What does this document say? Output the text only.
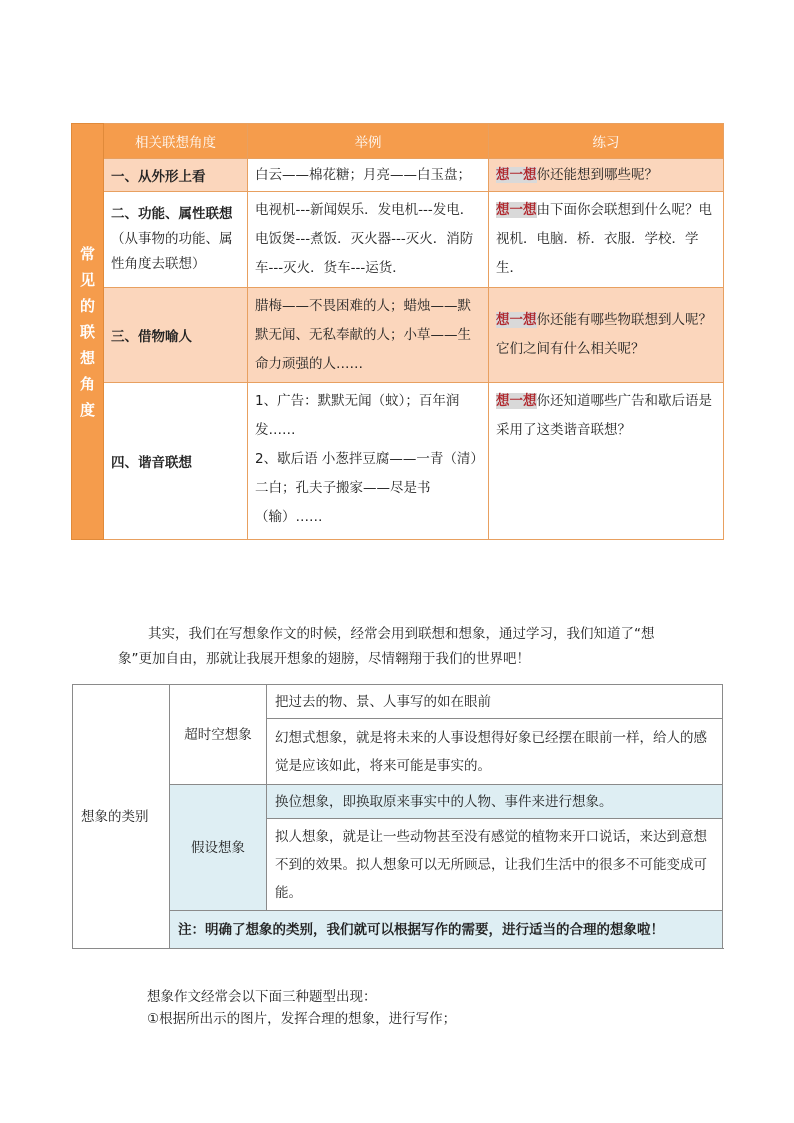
常见的联想角度	相关联想角度	举例	练习
	一、从外形上看	白云——棉花糖；月亮——白玉盘；	想一想你还能想到哪些呢？
	二、功能、属性联想
（从事物的功能、属性角度去联想）	电视机---新闻娱乐．发电机---发电．电饭煲---煮饭．灭火器---灭火．消防车---灭火．货车---运货．	想一想由下面你会联想到什么呢？电视机．电脑．桥．衣服．学校．学生．
	三、借物喻人	腊梅——不畏困难的人；蜡烛——默默无闻、无私奉献的人；小草——生命力顽强的人……	想一想你还能有哪些物联想到人呢？它们之间有什么相关呢？
	四、谐音联想	1、广告：默默无闻（蚊）；百年润发……
2、歇后语 小葱拌豆腐——一青（清）二白；孔夫子搬家——尽是书（输）……	想一想你还知道哪些广告和歇后语是采用了这类谐音联想？

其实，我们在写想象作文的时候，经常会用到联想和想象，通过学习，我们知道了“想
象”更加自由，那就让我展开想象的翅膀，尽情翱翔于我们的世界吧！

想象的类别	超时空想象	把过去的物、景、人事写的如在眼前
		幻想式想象，就是将未来的人事设想得好象已经摆在眼前一样，给人的感觉是应该如此，将来可能是事实的。
	假设想象	换位想象，即换取原来事实中的人物、事件来进行想象。
		拟人想象，就是让一些动物甚至没有感觉的植物来开口说话，来达到意想不到的效果。拟人想象可以无所顾忌，让我们生活中的很多不可能变成可能。
	注：明确了想象的类别，我们就可以根据写作的需要，进行适当的合理的想象啦！	
想象作文经常会以下面三种题型出现：
①根据所出示的图片，发挥合理的想象，进行写作；
